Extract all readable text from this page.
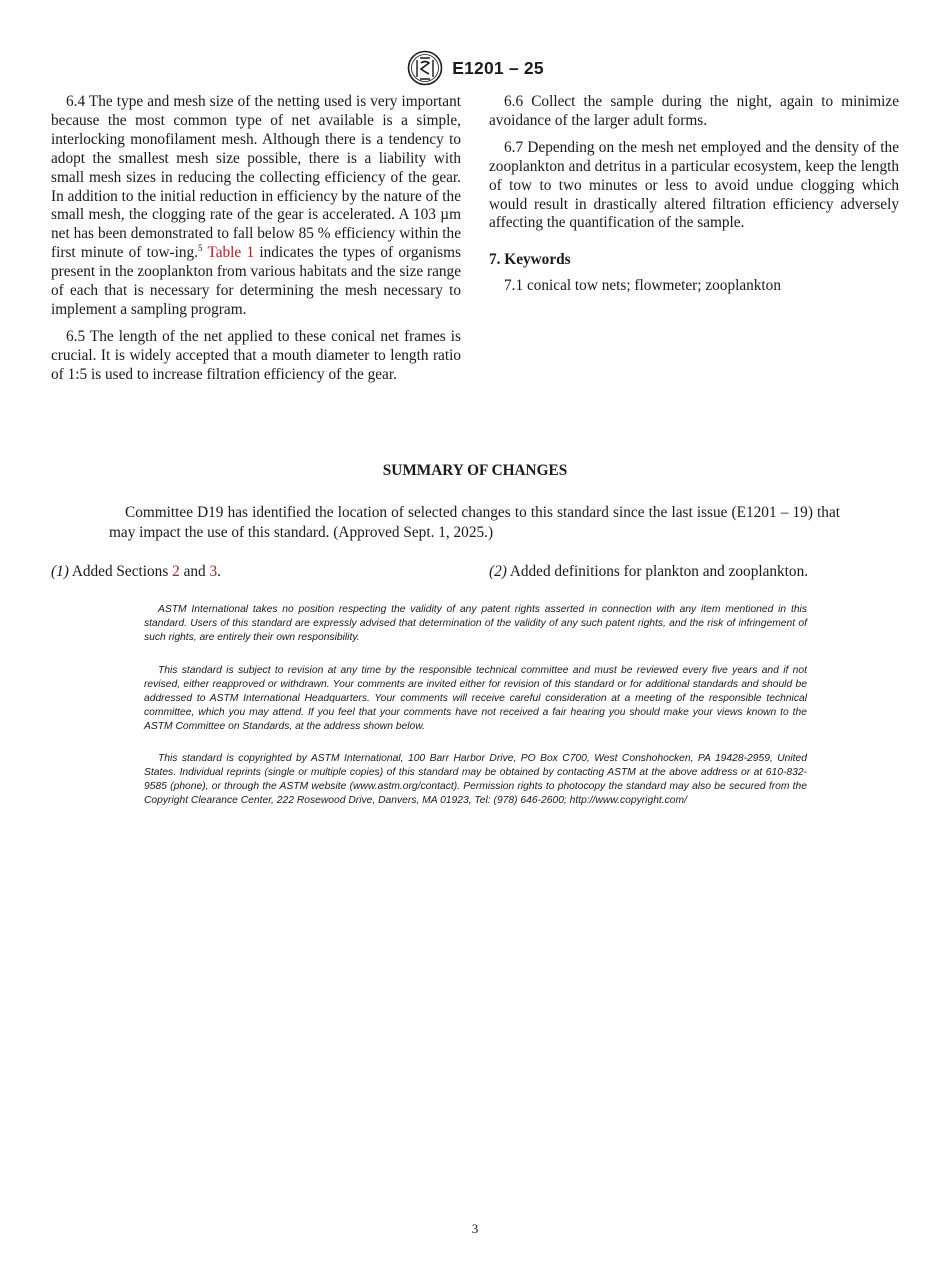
E1201 – 25

6.4 The type and mesh size of the netting used is very important because the most common type of net available is a simple, interlocking monofilament mesh. Although there is a tendency to adopt the smallest mesh size possible, there is a liability with small mesh sizes in reducing the collecting efficiency of the gear. In addition to the initial reduction in efficiency by the nature of the small mesh, the clogging rate of the gear is accelerated. A 103 µm net has been demonstrated to fall below 85 % efficiency within the first minute of tow-ing.$^5$ Table 1 indicates the types of organisms present in the zooplankton from various habitats and the size range of each that is necessary for determining the mesh necessary to implement a sampling program.

6.5 The length of the net applied to these conical net frames is crucial. It is widely accepted that a mouth diameter to length ratio of 1:5 is used to increase filtration efficiency of the gear.

6.6 Collect the sample during the night, again to minimize avoidance of the larger adult forms.

6.7 Depending on the mesh net employed and the density of the zooplankton and detritus in a particular ecosystem, keep the length of tow to two minutes or less to avoid undue clogging which would result in drastically altered filtration efficiency adversely affecting the quantification of the sample.

7. Keywords

7.1 conical tow nets; flowmeter; zooplankton

SUMMARY OF CHANGES

Committee D19 has identified the location of selected changes to this standard since the last issue (E1201 – 19) that may impact the use of this standard. (Approved Sept. 1, 2025.)

(1) Added Sections 2 and 3.	(2) Added definitions for plankton and zooplankton.

ASTM International takes no position respecting the validity of any patent rights asserted in connection with any item mentioned in this standard. Users of this standard are expressly advised that determination of the validity of any such patent rights, and the risk of infringement of such rights, are entirely their own responsibility.

This standard is subject to revision at any time by the responsible technical committee and must be reviewed every five years and if not revised, either reapproved or withdrawn. Your comments are invited either for revision of this standard or for additional standards and should be addressed to ASTM International Headquarters. Your comments will receive careful consideration at a meeting of the responsible technical committee, which you may attend. If you feel that your comments have not received a fair hearing you should make your views known to the ASTM Committee on Standards, at the address shown below.

This standard is copyrighted by ASTM International, 100 Barr Harbor Drive, PO Box C700, West Conshohocken, PA 19428-2959, United States. Individual reprints (single or multiple copies) of this standard may be obtained by contacting ASTM at the above address or at 610-832-9585 (phone), or through the ASTM website (www.astm.org/contact). Permission rights to photocopy the standard may also be secured from the Copyright Clearance Center, 222 Rosewood Drive, Danvers, MA 01923, Tel: (978) 646-2600; http://www.copyright.com/

3
